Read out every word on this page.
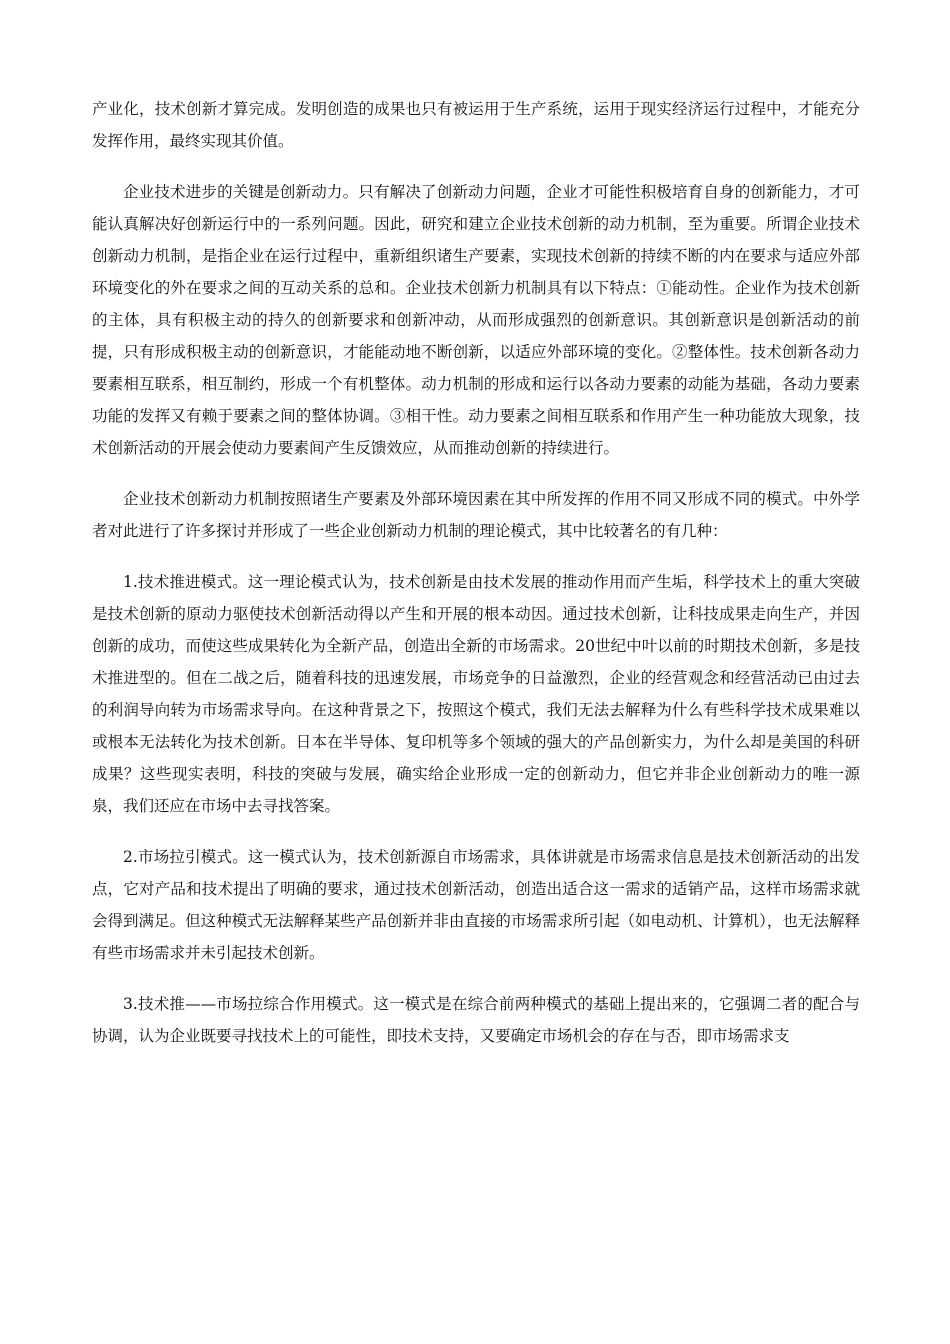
产业化，技术创新才算完成。发明创造的成果也只有被运用于生产系统，运用于现实经济运行过程中，才能充分发挥作用，最终实现其价值。

企业技术进步的关键是创新动力。只有解决了创新动力问题，企业才可能性积极培育自身的创新能力，才可能认真解决好创新运行中的一系列问题。因此，研究和建立企业技术创新的动力机制，至为重要。所谓企业技术创新动力机制，是指企业在运行过程中，重新组织诸生产要素，实现技术创新的持续不断的内在要求与适应外部环境变化的外在要求之间的互动关系的总和。企业技术创新力机制具有以下特点：①能动性。企业作为技术创新的主体，具有积极主动的持久的创新要求和创新冲动，从而形成强烈的创新意识。其创新意识是创新活动的前提，只有形成积极主动的创新意识，才能能动地不断创新，以适应外部环境的变化。②整体性。技术创新各动力要素相互联系，相互制约，形成一个有机整体。动力机制的形成和运行以各动力要素的动能为基础，各动力要素功能的发挥又有赖于要素之间的整体协调。③相干性。动力要素之间相互联系和作用产生一种功能放大现象，技术创新活动的开展会使动力要素间产生反馈效应，从而推动创新的持续进行。

企业技术创新动力机制按照诸生产要素及外部环境因素在其中所发挥的作用不同又形成不同的模式。中外学者对此进行了许多探讨并形成了一些企业创新动力机制的理论模式，其中比较著名的有几种：

1.技术推进模式。这一理论模式认为，技术创新是由技术发展的推动作用而产生垢，科学技术上的重大突破是技术创新的原动力驱使技术创新活动得以产生和开展的根本动因。通过技术创新，让科技成果走向生产，并因创新的成功，而使这些成果转化为全新产品，创造出全新的市场需求。20世纪中叶以前的时期技术创新，多是技术推进型的。但在二战之后，随着科技的迅速发展，市场竞争的日益激烈，企业的经营观念和经营活动已由过去的利润导向转为市场需求导向。在这种背景之下，按照这个模式，我们无法去解释为什么有些科学技术成果难以或根本无法转化为技术创新。日本在半导体、复印机等多个领域的强大的产品创新实力，为什么却是美国的科研成果？这些现实表明，科技的突破与发展，确实给企业形成一定的创新动力，但它并非企业创新动力的唯一源泉，我们还应在市场中去寻找答案。

2.市场拉引模式。这一模式认为，技术创新源自市场需求，具体讲就是市场需求信息是技术创新活动的出发点，它对产品和技术提出了明确的要求，通过技术创新活动，创造出适合这一需求的适销产品，这样市场需求就会得到满足。但这种模式无法解释某些产品创新并非由直接的市场需求所引起（如电动机、计算机），也无法解释有些市场需求并未引起技术创新。

3.技术推——市场拉综合作用模式。这一模式是在综合前两种模式的基础上提出来的，它强调二者的配合与协调，认为企业既要寻找技术上的可能性，即技术支持，又要确定市场机会的存在与否，即市场需求支
